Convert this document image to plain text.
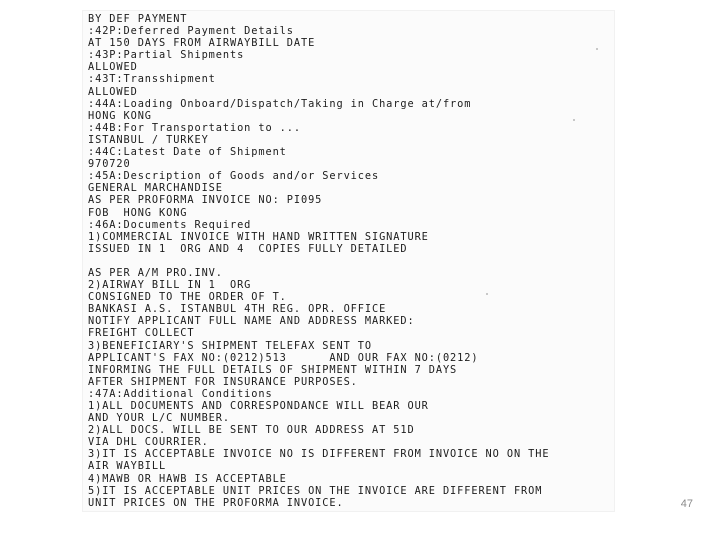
BY DEF PAYMENT
:42P:Deferred Payment Details
AT 150 DAYS FROM AIRWAYBILL DATE
:43P:Partial Shipments
ALLOWED
:43T:Transshipment
ALLOWED
:44A:Loading Onboard/Dispatch/Taking in Charge at/from
HONG KONG
:44B:For Transportation to ...
ISTANBUL / TURKEY
:44C:Latest Date of Shipment
970720
:45A:Description of Goods and/or Services
GENERAL MARCHANDISE
AS PER PROFORMA INVOICE NO: PI095
FOB  HONG KONG
:46A:Documents Required
1)COMMERCIAL INVOICE WITH HAND WRITTEN SIGNATURE
ISSUED IN 1  ORG AND 4  COPIES FULLY DETAILED
AS PER A/M PRO.INV.
2)AIRWAY BILL IN 1  ORG
CONSIGNED TO THE ORDER OF T.
BANKASI A.S. ISTANBUL 4TH REG. OPR. OFFICE
NOTIFY APPLICANT FULL NAME AND ADDRESS MARKED:
FREIGHT COLLECT
3)BENEFICIARY'S SHIPMENT TELEFAX SENT TO
APPLICANT'S FAX NO:(0212)513      AND OUR FAX NO:(0212)
INFORMING THE FULL DETAILS OF SHIPMENT WITHIN 7 DAYS
AFTER SHIPMENT FOR INSURANCE PURPOSES.
:47A:Additional Conditions
1)ALL DOCUMENTS AND CORRESPONDANCE WILL BEAR OUR
AND YOUR L/C NUMBER.
2)ALL DOCS. WILL BE SENT TO OUR ADDRESS AT 51D
VIA DHL COURRIER.
3)IT IS ACCEPTABLE INVOICE NO IS DIFFERENT FROM INVOICE NO ON THE
AIR WAYBILL
4)MAWB OR HAWB IS ACCEPTABLE
5)IT IS ACCEPTABLE UNIT PRICES ON THE INVOICE ARE DIFFERENT FROM
UNIT PRICES ON THE PROFORMA INVOICE.	47
